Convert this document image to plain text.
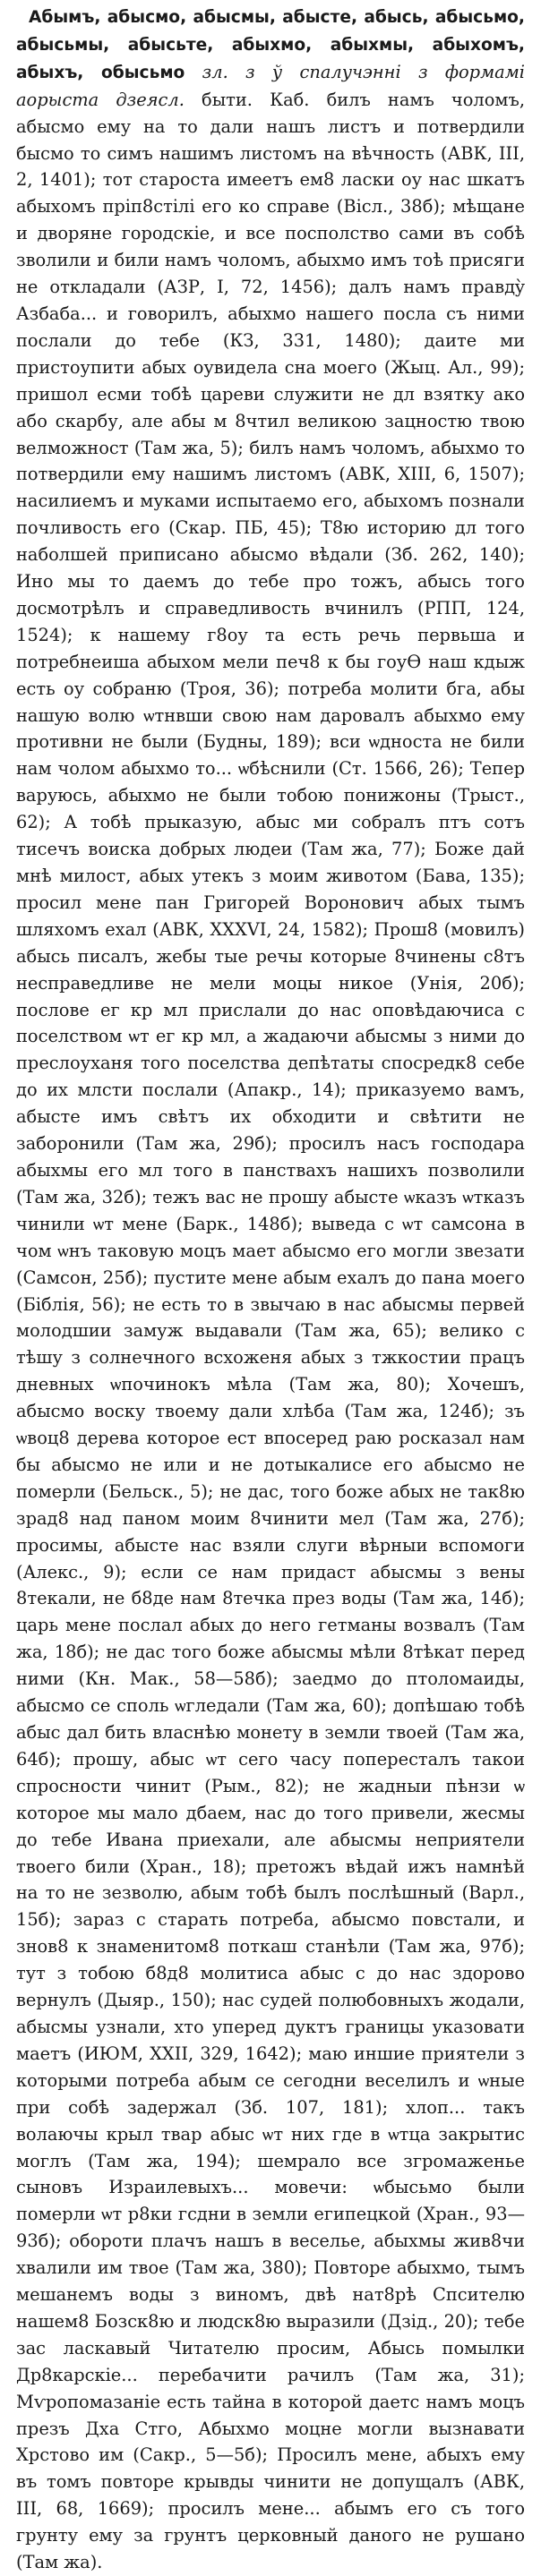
Абымъ, абысмо, абысмы, абысте, абысь, абысьмо, абысьмы, абысьте, абыхмо, абыхмы, абыхомъ, абыхъ, обысьмо зл. з ў спалучэнні з формамі аорыста дзеясл. быти. Каб. билъ намъ чоломъ, абысмо ему на то дали нашъ листъ и потвердили бысмо то симъ нашимъ листомъ на вѣчность (АВК, III, 2, 1401); тот староста имеетъ ем8 ласки оу нас шкатъ абыхомъ прiп8стiлi его ко справе (Вiсл., 38б); мѣщане и дворяне городскiе, и все посполство сами въ собѣ зволили и били намъ чоломъ, абыхмо имъ тоѣ присяги не откладали (АЗР, I, 72, 1456); далъ намъ правдỳ Азбаба... и говорилъ, абыхмо нашего посла съ ними послали до тебе (КЗ, 331, 1480); даите ми пристоупити абых оувидела сна моего (Жыц. Ал., 99); пришол есми тобѣ цареви служити не дл взятку ако або скарбу, але абы м 8чтил великою зацностю твою велможност (Там жа, 5); билъ намъ чоломъ, абыхмо то потвердили ему нашимъ листомъ (АВК, XIII, 6, 1507); насилиемъ и муками испытаемо его, абыхомъ познали почливость его (Скар. ПБ, 45); Т8ю историю дл того наболшей приписано абысмо вѣдали (Зб. 262, 140); Ино мы то даемъ до тебе про тожъ, абысь того досмотрѣлъ и справедливость вчинилъ (РПП, 124, 1524); к нашему г8оу та есть речь первьша и потребнеиша абыхом мели печ8 к бы гоуѲ наш кдыж есть оу собраню (Троя, 36); потреба молити бга, абы нашую волю ѡтнвши свою нам даровалъ абыхмо ему противни не были (Будны, 189); вси ѡдноста не били нам чолом абыхмо то... ѡбѣснили (Ст. 1566, 26); Тепер варуюсь, абыхмо не были тобою понижоны (Трыст., 62); А тобѣ прыказую, абыс ми собралъ птъ сотъ тисечъ воиска добрых людеи (Там жа, 77); Боже дай мнѣ милост, абых утекъ з моим животом (Бава, 135); просил мене пан Григорей Воронович абых тымъ шляхомъ ехал (АВК, XXXVI, 24, 1582); Прош8 (мовилъ) абысь писалъ, жебы тые речы которые 8чинены с8тъ несправедливе не мели моцы никое (Унiя, 20б); послове ег кр мл прислали до нас оповѣдаючиса с поселством ѡт ег кр мл, а жадаючи абысмы з ними до преслоуханя того поселства депѣтаты спосредк8 себе до их млсти послали (Апакр., 14); приказуемо вамъ, абысте имъ свѣтъ их обходити и свѣтити не заборонили (Там жа, 29б); просилъ насъ господара абыхмы его мл того в панствахъ нашихъ позволили (Там жа, 32б); тежъ вас не прошу абысте ѡказъ ѡтказъ чинили ѡт мене (Барк., 148б); выведа с ѡт самсона в чом ѡнъ таковую моцъ мает абысмо его могли звезати (Самсон, 25б); пустите мене абым ехалъ до пана моего (Бiблiя, 56); не есть то в звычаю в нас абысмы первей молодшии замуж выдавали (Там жа, 65); велико с тѣшу з солнечного всхоженя абых з тжкостии працъ дневных ѡпочинокъ мѣла (Там жа, 80); Хочешъ, абысмо воску твоему дали хлѣба (Там жа, 124б); зъ ѡвоц8 дерева которое ест впосеред раю росказал нам бы абысмо не или и не дотыкалисе его абысмо не померли (Бельск., 5); не дас, того боже абых не так8ю зрад8 над паном моим 8чинити мел (Там жа, 27б); просимы, абысте нас взяли слуги вѣрныи вспомоги (Алекс., 9); если се нам придаст абысмы з вены 8текали, не б8де нам 8течка през воды (Там жа, 14б); царь мене послал абых до него гетманы возвалъ (Там жа, 18б); не дас того боже абысмы мѣли 8тѣкат перед ними (Кн. Мак., 58—58б); заедмо до птоломаиды, абысмо се споль ѡгледали (Там жа, 60); допѣшаю тобѣ абыс дал бить власнѣю монету в земли твоей (Там жа, 64б); прошу, абыс ѡт сего часу попересталъ такои спросности чинит (Рым., 82); не жадныи пѣнзи ѡ которое мы мало дбаем, нас до того привели, жесмы до тебе Ивана приехали, але абысмы неприятели твоего били (Хран., 18); претожъ вѣдай ижъ намнѣй на то не зезволю, абым тобѣ былъ послѣшный (Варл., 15б); зараз с старать потреба, абысмо повстали, и знов8 к знаменитом8 поткаш станѣли (Там жа, 97б); тут з тобою б8д8 молитиса абыс с до нас здорово вернулъ (Дыяр., 150); нас судей полюбовныхъ жодали, абысмы узнали, хто уперед дуктъ границы указовати маетъ (ИЮМ, XXII, 329, 1642); маю иншие приятели з которыми потреба абым се сегодни веселилъ и ѡные при собѣ задержал (Зб. 107, 181); хлоп... такъ волаючы крыл твар абыс ѡт них где в ѡтца закрытис моглъ (Там жа, 194); шемрало все згромаженье сыновъ Израилевыхъ... мовечи: ѡбысьмо были померли ѡт р8ки гсдни в земли египецкой (Хран., 93—93б); обороти плачъ нашъ в веселье, абыхмы жив8чи хвалили им твое (Там жа, 380); Повторе абыхмо, тымъ мешанемъ воды з виномъ, двѣ нат8рѣ Спсителю нашем8 Бозск8ю и людск8ю выразили (Дзiд., 20); тебе зас ласкавый Читателю просим, Абысь помылки Др8карскiе... перебачити рачилъ (Там жа, 31); Мѵропомазанiе есть тайна в которой даетс намъ моцъ презъ Дха Стго, Абыхмо моцне могли вызнавати Хрстово им (Сакр., 5—5б); Просилъ мене, абыхъ ему въ томъ повторе крывды чинити не допущалъ (АВК, III, 68, 1669); просилъ мене... абымъ его съ того грунту ему за грунтъ церковный даного не рушано (Там жа).
